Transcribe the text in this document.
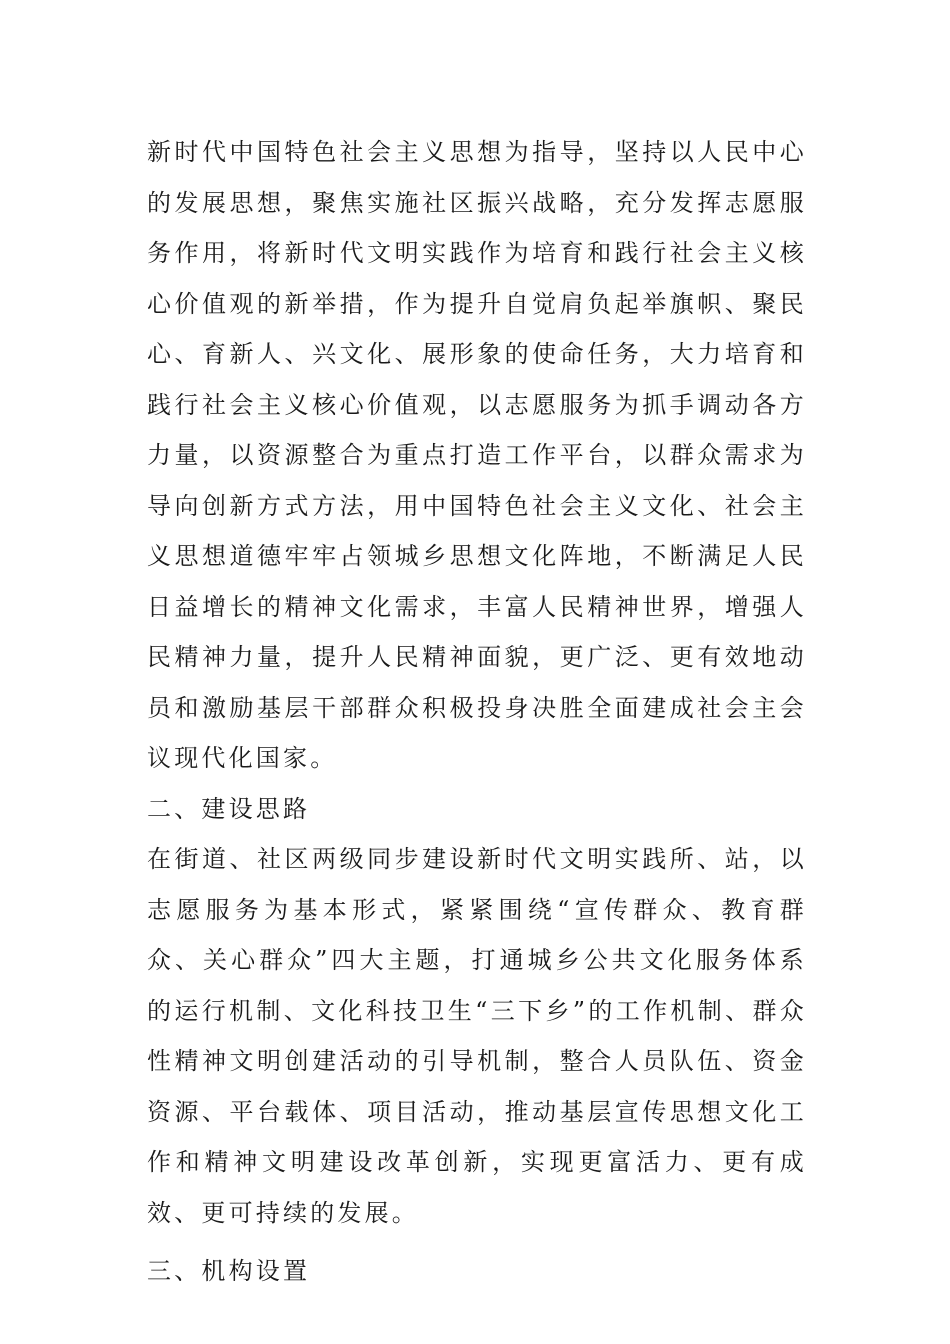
新时代中国特色社会主义思想为指导，坚持以人民中心的发展思想，聚焦实施社区振兴战略，充分发挥志愿服务作用，将新时代文明实践作为培育和践行社会主义核心价值观的新举措，作为提升自觉肩负起举旗帜、聚民心、育新人、兴文化、展形象的使命任务，大力培育和践行社会主义核心价值观，以志愿服务为抓手调动各方力量，以资源整合为重点打造工作平台，以群众需求为导向创新方式方法，用中国特色社会主义文化、社会主义思想道德牢牢占领城乡思想文化阵地，不断满足人民日益增长的精神文化需求，丰富人民精神世界，增强人民精神力量，提升人民精神面貌，更广泛、更有效地动员和激励基层干部群众积极投身决胜全面建成社会主会议现代化国家。

二、建设思路

在街道、社区两级同步建设新时代文明实践所、站，以志愿服务为基本形式，紧紧围绕“宣传群众、教育群众、关心群众”四大主题，打通城乡公共文化服务体系的运行机制、文化科技卫生“三下乡”的工作机制、群众性精神文明创建活动的引导机制，整合人员队伍、资金资源、平台载体、项目活动，推动基层宣传思想文化工作和精神文明建设改革创新，实现更富活力、更有成效、更可持续的发展。

三、机构设置
